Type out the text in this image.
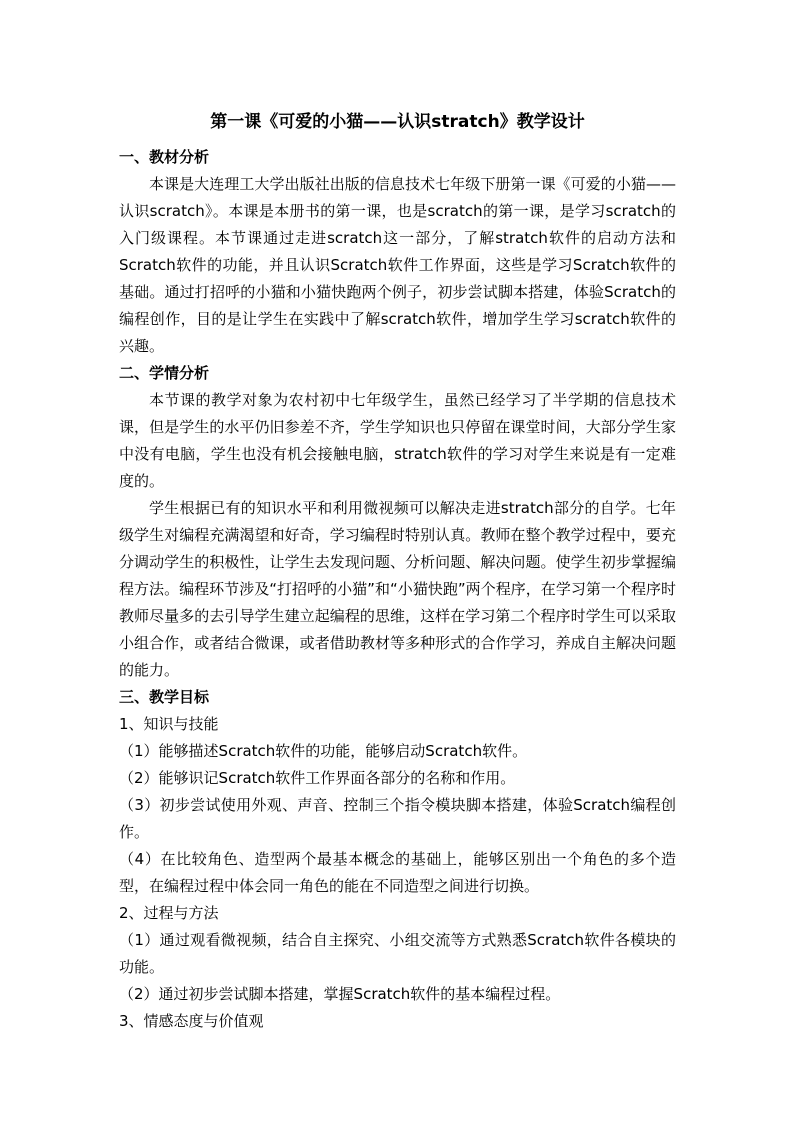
第一课《可爱的小猫——认识stratch》教学设计
一、教材分析

本课是大连理工大学出版社出版的信息技术七年级下册第一课《可爱的小猫——认识scratch》。本课是本册书的第一课，也是scratch的第一课，是学习scratch的入门级课程。本节课通过走进scratch这一部分，了解stratch软件的启动方法和Scratch软件的功能，并且认识Scratch软件工作界面，这些是学习Scratch软件的基础。通过打招呼的小猫和小猫快跑两个例子，初步尝试脚本搭建，体验Scratch的编程创作，目的是让学生在实践中了解scratch软件，增加学生学习scratch软件的兴趣。

二、学情分析

本节课的教学对象为农村初中七年级学生，虽然已经学习了半学期的信息技术课，但是学生的水平仍旧参差不齐，学生学知识也只停留在课堂时间，大部分学生家中没有电脑，学生也没有机会接触电脑，stratch软件的学习对学生来说是有一定难度的。

学生根据已有的知识水平和利用微视频可以解决走进stratch部分的自学。七年级学生对编程充满渴望和好奇，学习编程时特别认真。教师在整个教学过程中，要充分调动学生的积极性，让学生去发现问题、分析问题、解决问题。使学生初步掌握编程方法。编程环节涉及“打招呼的小猫”和“小猫快跑”两个程序，在学习第一个程序时教师尽量多的去引导学生建立起编程的思维，这样在学习第二个程序时学生可以采取小组合作，或者结合微课，或者借助教材等多种形式的合作学习，养成自主解决问题的能力。

三、教学目标
1、知识与技能
（1）能够描述Scratch软件的功能，能够启动Scratch软件。
（2）能够识记Scratch软件工作界面各部分的名称和作用。
（3）初步尝试使用外观、声音、控制三个指令模块脚本搭建，体验Scratch编程创作。
（4）在比较角色、造型两个最基本概念的基础上，能够区别出一个角色的多个造型，在编程过程中体会同一角色的能在不同造型之间进行切换。
2、过程与方法
（1）通过观看微视频，结合自主探究、小组交流等方式熟悉Scratch软件各模块的功能。
（2）通过初步尝试脚本搭建，掌握Scratch软件的基本编程过程。
3、情感态度与价值观
